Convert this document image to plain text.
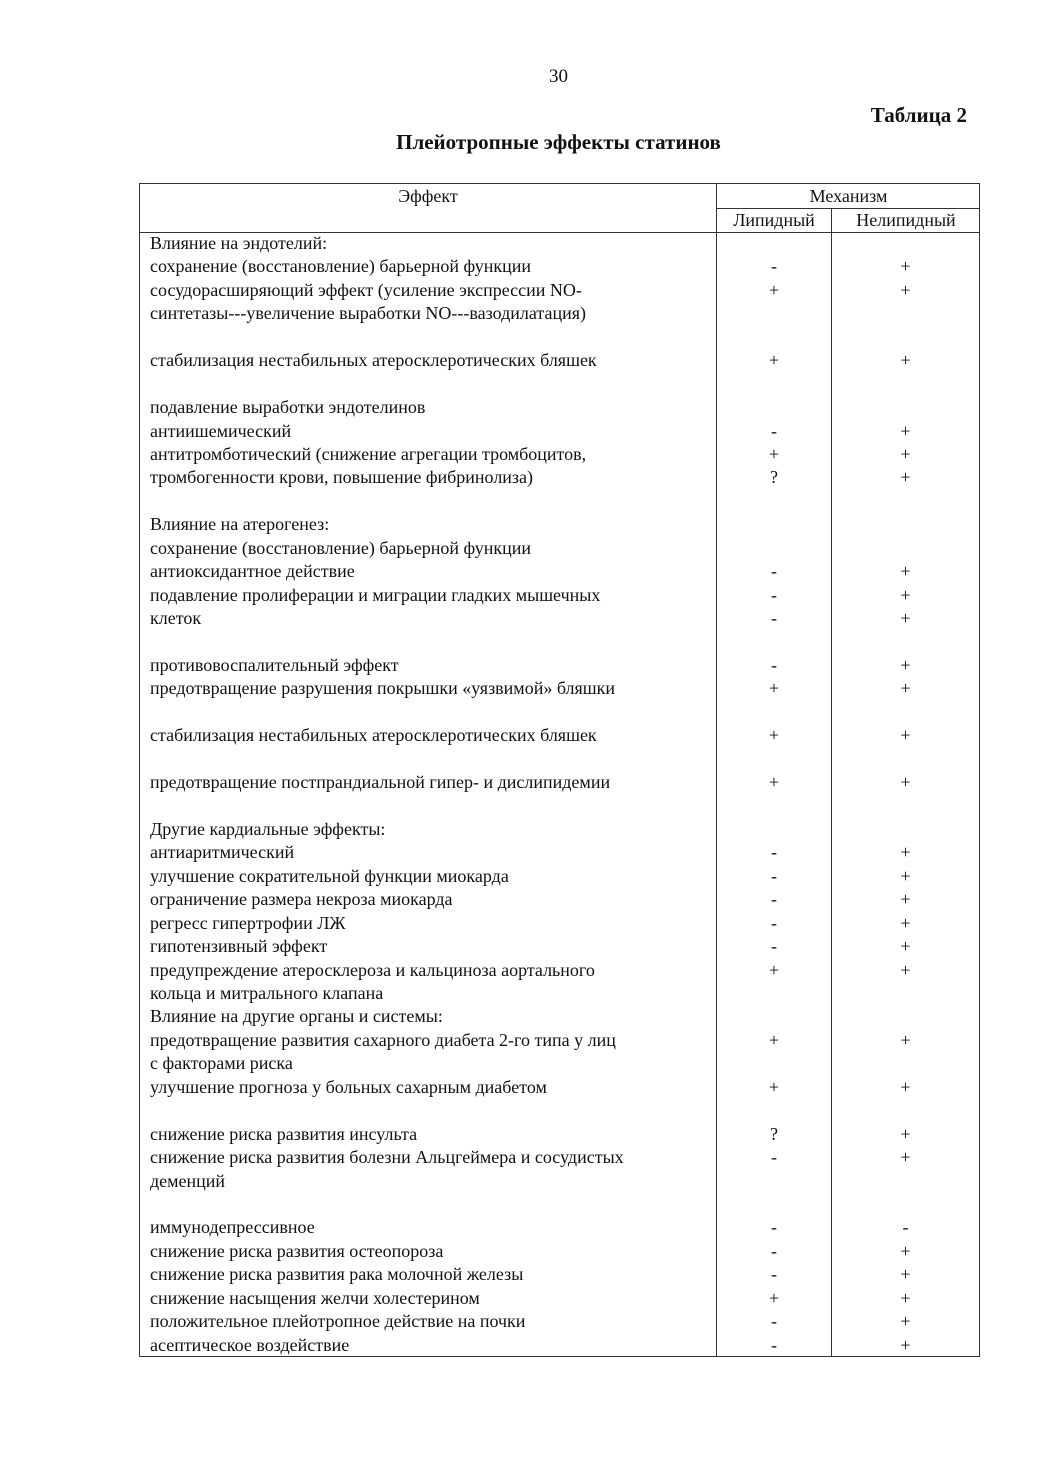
30
Таблица 2
Плейотропные эффекты статинов
Эффект	Механизм
Липидный	Нелипидный
Влияние на эндотелий:
сохранение (восстановление) барьерной функции	-	+
сосудорасширяющий эффект (усиление экспрессии NO-	+	+
синтетазы---увеличение выработки NO---вазодилатация)
стабилизация нестабильных атеросклеротических бляшек	+	+
подавление выработки эндотелинов
антиишемический	-	+
антитромботический (снижение агрегации тромбоцитов,	+	+
тромбогенности крови, повышение фибринолиза)	?	+
Влияние на атерогенез:
сохранение (восстановление) барьерной функции
антиоксидантное действие	-	+
подавление пролиферации и миграции гладких мышечных	-	+
клеток	-	+
противовоспалительный эффект	-	+
предотвращение разрушения покрышки «уязвимой» бляшки	+	+
стабилизация нестабильных атеросклеротических бляшек	+	+
предотвращение постпрандиальной гипер- и дислипидемии	+	+
Другие кардиальные эффекты:
антиаритмический	-	+
улучшение сократительной функции миокарда	-	+
ограничение размера некроза миокарда	-	+
регресс гипертрофии ЛЖ	-	+
гипотензивный эффект	-	+
предупреждение атеросклероза и кальциноза аортального	+	+
кольца и митрального клапана
Влияние на другие органы и системы:
предотвращение развития сахарного диабета 2-го типа у лиц	+	+
с факторами риска
улучшение прогноза у больных сахарным диабетом	+	+
снижение риска развития инсульта	?	+
снижение риска развития болезни Альцгеймера и сосудистых	-	+
деменций
иммунодепрессивное	-	-
снижение риска развития остеопороза	-	+
снижение риска развития рака молочной железы	-	+
снижение насыщения желчи холестерином	+	+
положительное плейотропное действие на почки	-	+
асептическое воздействие	-	+
